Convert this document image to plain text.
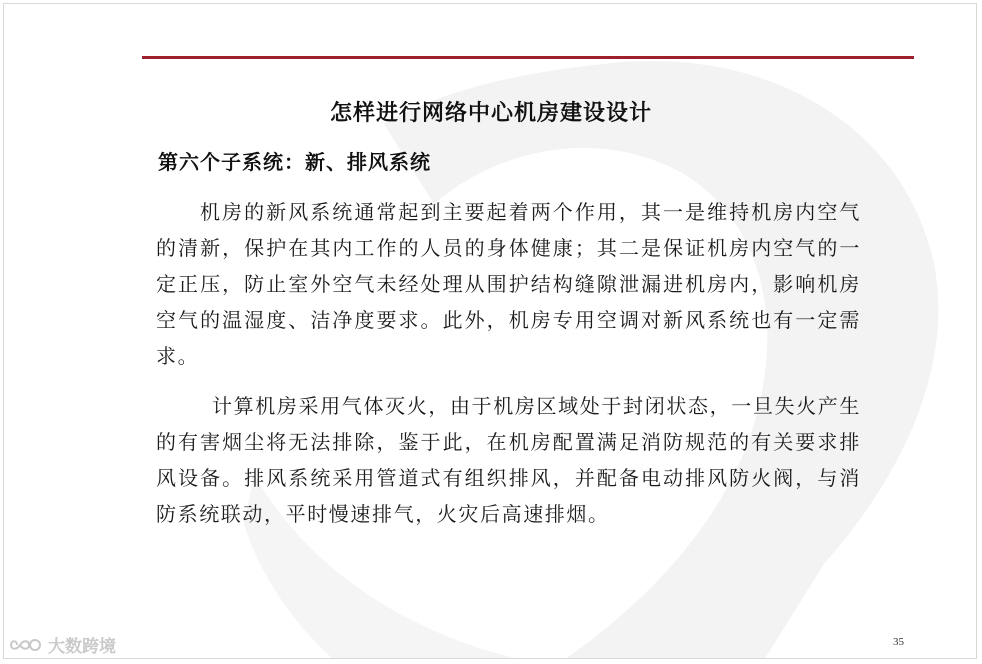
怎样进行网络中心机房建设设计
第六个子系统：新、排风系统
机房的新风系统通常起到主要起着两个作用，其一是维持机房内空气的清新，保护在其内工作的人员的身体健康；其二是保证机房内空气的一定正压，防止室外空气未经处理从围护结构缝隙泄漏进机房内，影响机房空气的温湿度、洁净度要求。此外，机房专用空调对新风系统也有一定需求。
计算机房采用气体灭火，由于机房区域处于封闭状态，一旦失火产生的有害烟尘将无法排除，鉴于此，在机房配置满足消防规范的有关要求排风设备。排风系统采用管道式有组织排风，并配备电动排风防火阀，与消防系统联动，平时慢速排气，火灾后高速排烟。
35
大数跨境
